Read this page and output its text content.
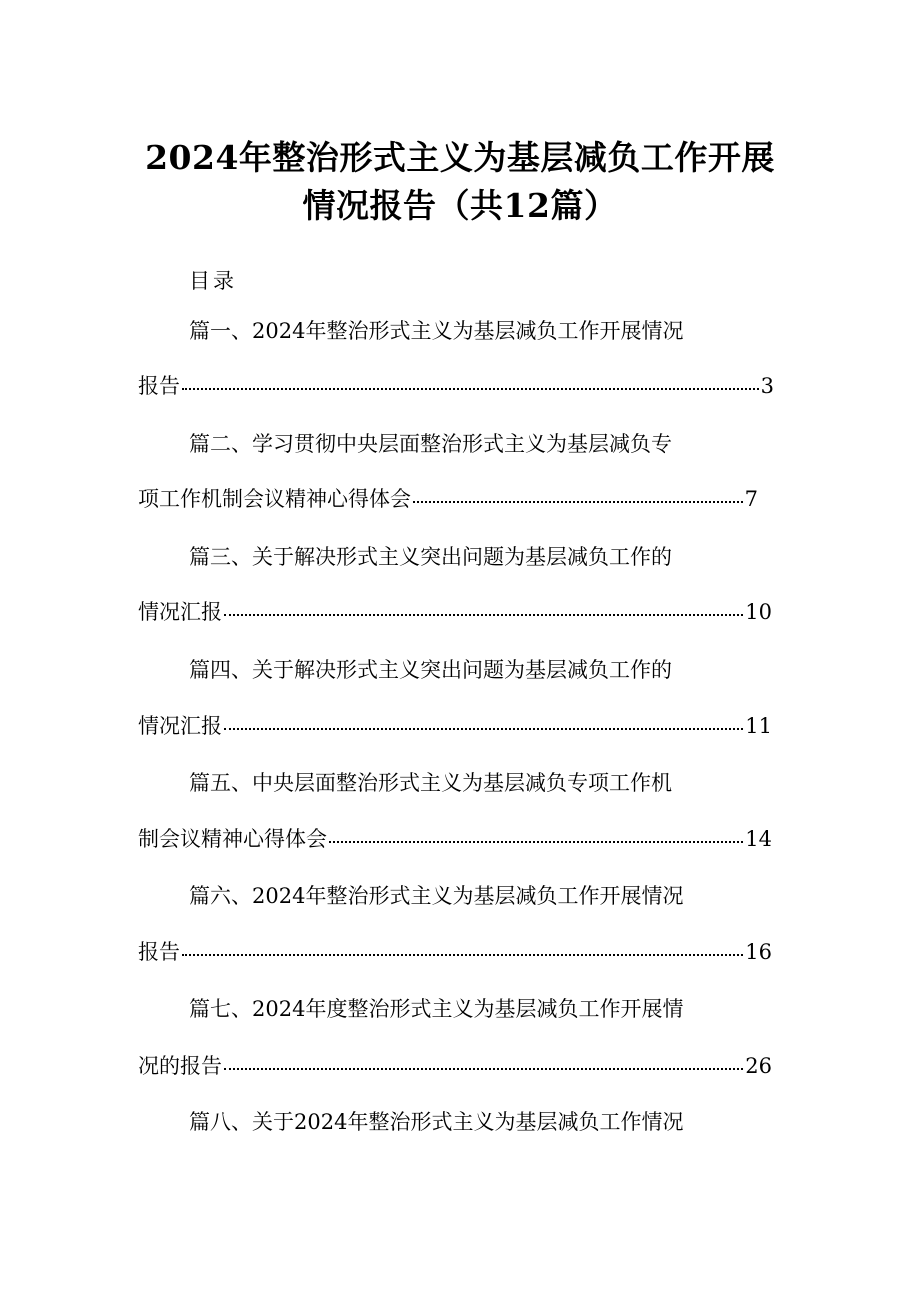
2024年整治形式主义为基层减负工作开展
情况报告（共12篇）
目录
篇一、2024年整治形式主义为基层减负工作开展情况
报告	3
篇二、学习贯彻中央层面整治形式主义为基层减负专
项工作机制会议精神心得体会	7
篇三、关于解决形式主义突出问题为基层减负工作的
情况汇报	10
篇四、关于解决形式主义突出问题为基层减负工作的
情况汇报	11
篇五、中央层面整治形式主义为基层减负专项工作机
制会议精神心得体会	14
篇六、2024年整治形式主义为基层减负工作开展情况
报告	16
篇七、2024年度整治形式主义为基层减负工作开展情
况的报告	26
篇八、关于2024年整治形式主义为基层减负工作情况
